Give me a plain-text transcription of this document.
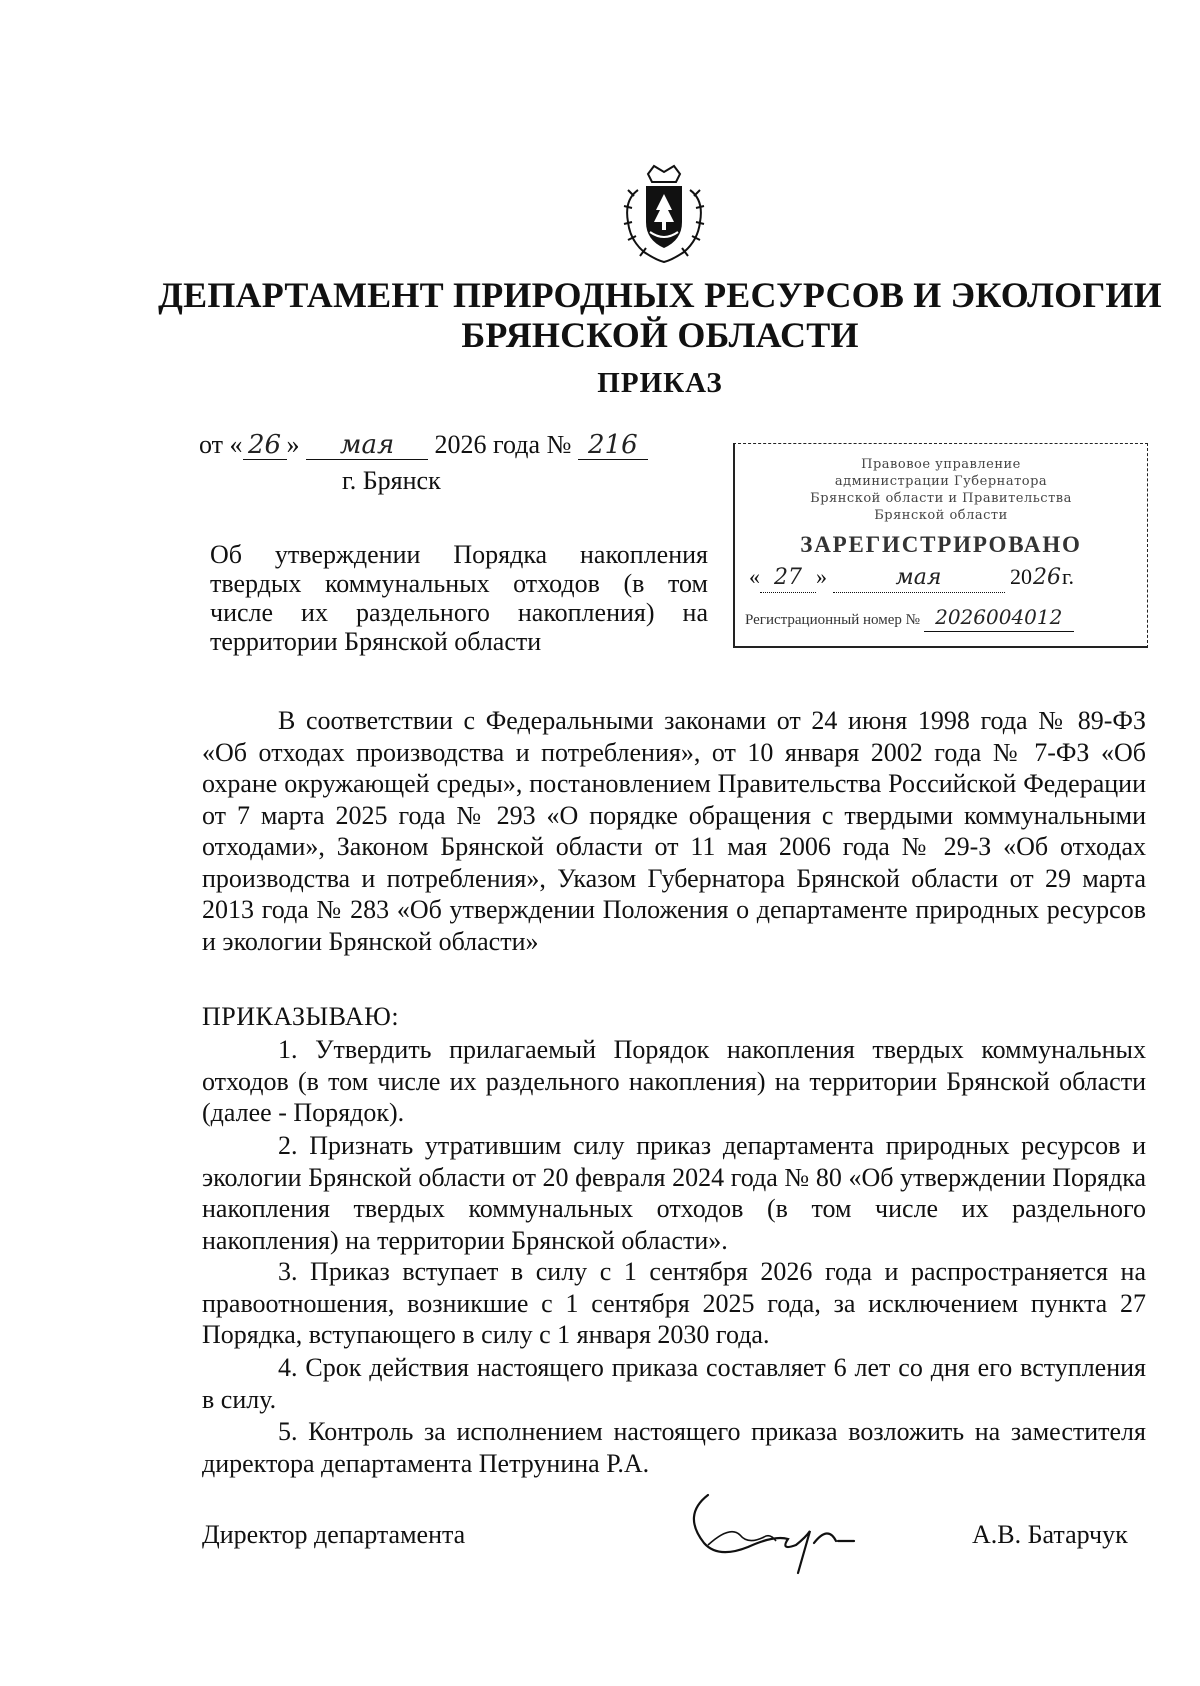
ДЕПАРТАМЕНТ ПРИРОДНЫХ РЕСУРСОВ И ЭКОЛОГИИ
БРЯНСКОЙ ОБЛАСТИ
ПРИКАЗ
от « 26 » мая 2026 года № 216
г. Брянск
Об утверждении Порядка накопления твердых коммунальных отходов (в том числе их раздельного накопления) на территории Брянской области
Правовое управление
администрации Губернатора
Брянской области и Правительства
Брянской области
ЗАРЕГИСТРИРОВАНО
« 27 »	мая	2026г.
Регистрационный номер № 2026004012
В соответствии с Федеральными законами от 24 июня 1998 года № 89-ФЗ «Об отходах производства и потребления», от 10 января 2002 года № 7-ФЗ «Об охране окружающей среды», постановлением Правительства Российской Федерации от 7 марта 2025 года № 293 «О порядке обращения с твердыми коммунальными отходами», Законом Брянской области от 11 мая 2006 года № 29-З «Об отходах производства и потребления», Указом Губернатора Брянской области от 29 марта 2013 года № 283 «Об утверждении Положения о департаменте природных ресурсов и экологии Брянской области»
ПРИКАЗЫВАЮ:
1. Утвердить прилагаемый Порядок накопления твердых коммунальных отходов (в том числе их раздельного накопления) на территории Брянской области (далее - Порядок).
2. Признать утратившим силу приказ департамента природных ресурсов и экологии Брянской области от 20 февраля 2024 года № 80 «Об утверждении Порядка накопления твердых коммунальных отходов (в том числе их раздельного накопления) на территории Брянской области».
3. Приказ вступает в силу с 1 сентября 2026 года и распространяется на правоотношения, возникшие с 1 сентября 2025 года, за исключением пункта 27 Порядка, вступающего в силу с 1 января 2030 года.
4. Срок действия настоящего приказа составляет 6 лет со дня его вступления в силу.
5. Контроль за исполнением настоящего приказа возложить на заместителя директора департамента Петрунина Р.А.
Директор департамента	А.В. Батарчук
